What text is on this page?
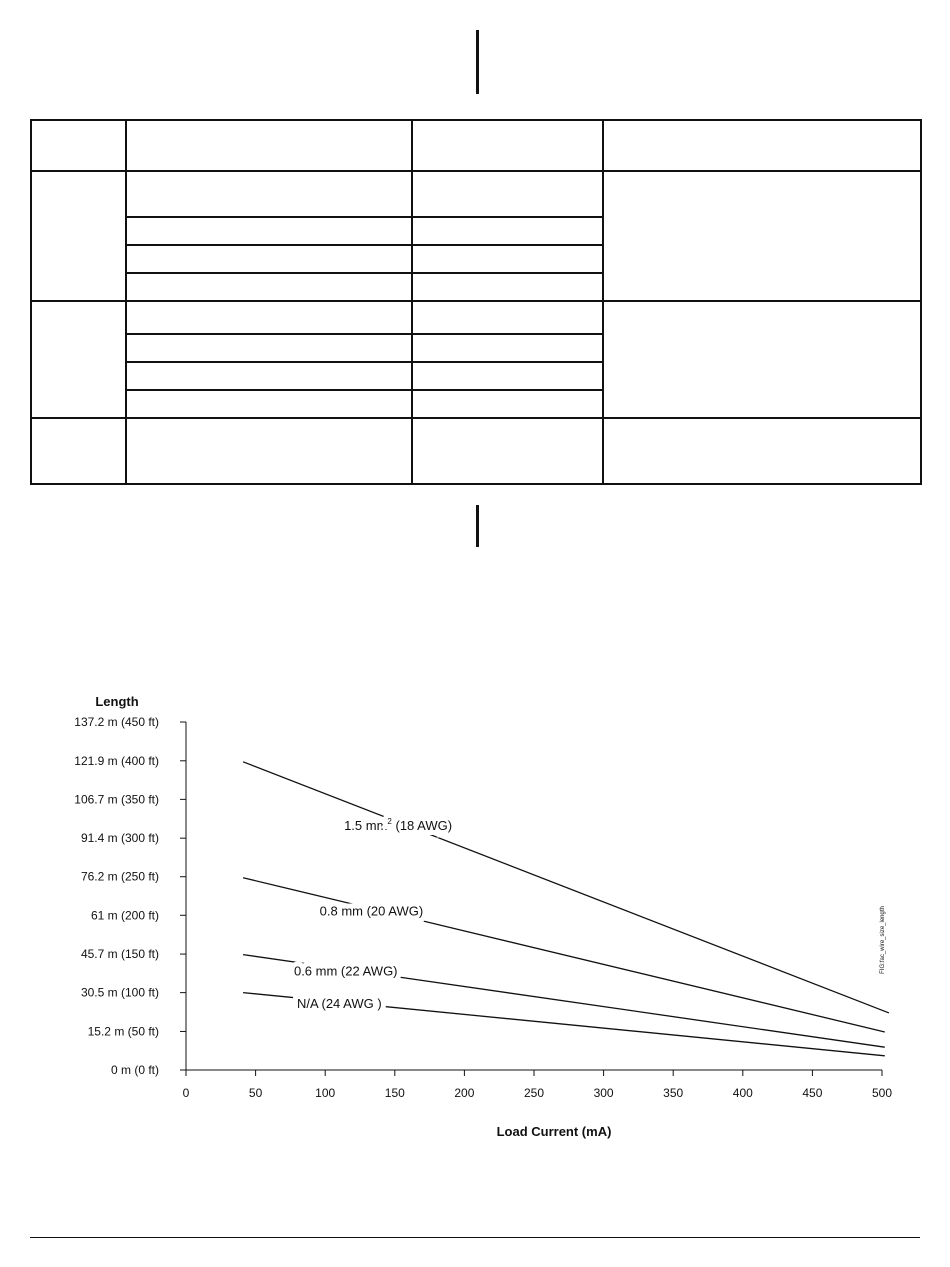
Length
Load Current (mA)
0 m (0 ft)
15.2 m (50 ft)
30.5 m (100 ft)
45.7 m (150 ft)
61 m (200 ft)
76.2 m (250 ft)
91.4 m (300 ft)
106.7 m (350 ft)
121.9 m (400 ft)
137.2 m (450 ft)
0	50	100	150	200	250	300	350	400	450	500
1.5 $mm^2$ (18 AWG)
0.8 mm (20 AWG)
0.6 mm (22 AWG)
N/A (24 AWG )
FIG:fac_wire_size_length
